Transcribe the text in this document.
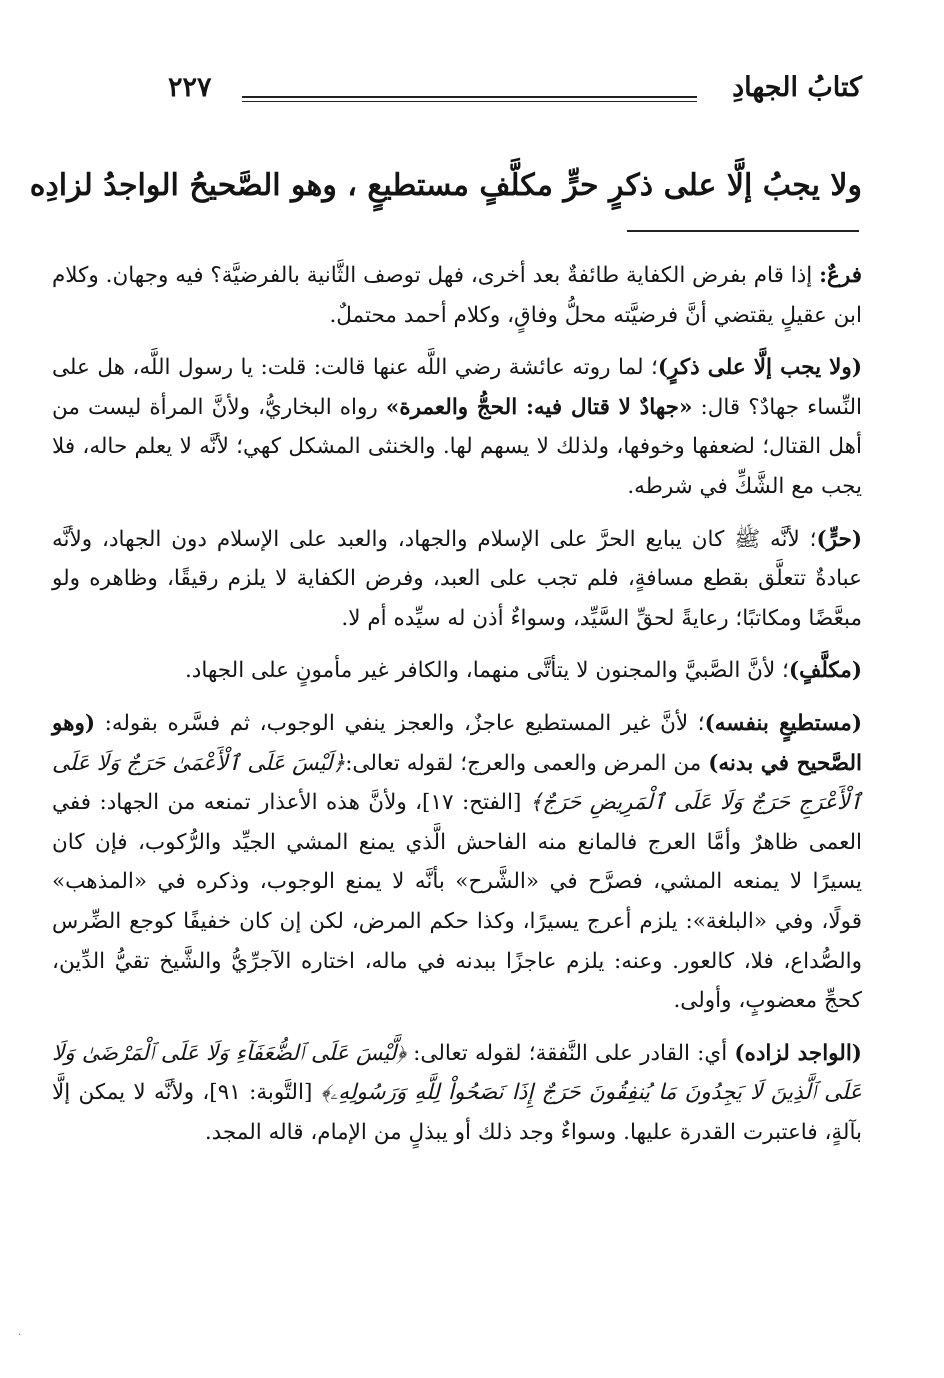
كتابُ الجهادِ
٢٢٧
ولا يجبُ إلَّا على ذكرٍ حرٍّ مكلَّفٍ مستطيعٍ ، وهو الصَّحيحُ الواجدُ لزادِه

فرعٌ: إذا قام بفرض الكفاية طائفةٌ بعد أخرى، فهل توصف الثَّانية بالفرضيَّة؟ فيه وجهان. وكلام ابن عقيلٍ يقتضي أنَّ فرضيَّته محلُّ وفاقٍ، وكلام أحمد محتملٌ.

(ولا يجب إلَّا على ذكرٍ)؛ لما روته عائشة رضي اللَّه عنها قالت: قلت: يا رسول اللَّه، هل على النِّساء جهادٌ؟ قال: «جهادٌ لا قتال فيه: الحجُّ والعمرة» رواه البخاريُّ، ولأنَّ المرأة ليست من أهل القتال؛ لضعفها وخوفها، ولذلك لا يسهم لها. والخنثى المشكل كهي؛ لأنَّه لا يعلم حاله، فلا يجب مع الشَّكِّ في شرطه.

(حرٍّ)؛ لأنَّه ﷺ كان يبايع الحرَّ على الإسلام والجهاد، والعبد على الإسلام دون الجهاد، ولأنَّه عبادةٌ تتعلَّق بقطع مسافةٍ، فلم تجب على العبد، وفرض الكفاية لا يلزم رقيقًا، وظاهره ولو مبعَّضًا ومكاتبًا؛ رعايةً لحقِّ السَّيِّد، وسواءٌ أذن له سيِّده أم لا.

(مكلَّفٍ)؛ لأنَّ الصَّبيَّ والمجنون لا يتأتَّى منهما، والكافر غير مأمونٍ على الجهاد.

(مستطيعٍ بنفسه)؛ لأنَّ غير المستطيع عاجزٌ، والعجز ينفي الوجوب، ثم فسَّره بقوله: (وهو الصَّحيح في بدنه) من المرض والعمى والعرج؛ لقوله تعالى:﴿لَيْسَ عَلَى ٱلْأَعْمَىٰ حَرَجٌ وَلَا عَلَى ٱلْأَعْرَجِ حَرَجٌ وَلَا عَلَى ٱلْمَرِيضِ حَرَجٌ﴾ [الفتح: ١٧]، ولأنَّ هذه الأعذار تمنعه من الجهاد: ففي العمى ظاهرٌ وأمَّا العرج فالمانع منه الفاحش الَّذي يمنع المشي الجيِّد والرُّكوب، فإن كان يسيرًا لا يمنعه المشي، فصرَّح في «الشَّرح» بأنَّه لا يمنع الوجوب، وذكره في «المذهب» قولًا، وفي «البلغة»: يلزم أعرج يسيرًا، وكذا حكم المرض، لكن إن كان خفيفًا كوجع الضِّرس والصُّداع، فلا، كالعور. وعنه: يلزم عاجزًا ببدنه في ماله، اختاره الآجرِّيُّ والشَّيخ تقيُّ الدِّين، كحجِّ معضوبٍ، وأولى.

(الواجد لزاده) أي: القادر على النَّفقة؛ لقوله تعالى: ﴿لَّيْسَ عَلَى ٱلضُّعَفَآءِ وَلَا عَلَى ٱلْمَرْضَىٰ وَلَا عَلَى ٱلَّذِينَ لَا يَجِدُونَ مَا يُنفِقُونَ حَرَجٌ إِذَا نَصَحُواْ لِلَّهِ وَرَسُولِهِۦ﴾ [التَّوبة: ٩١]، ولأنَّه لا يمكن إلَّا بآلةٍ، فاعتبرت القدرة عليها. وسواءٌ وجد ذلك أو يبذلٍ من الإمام، قاله المجد.

·
